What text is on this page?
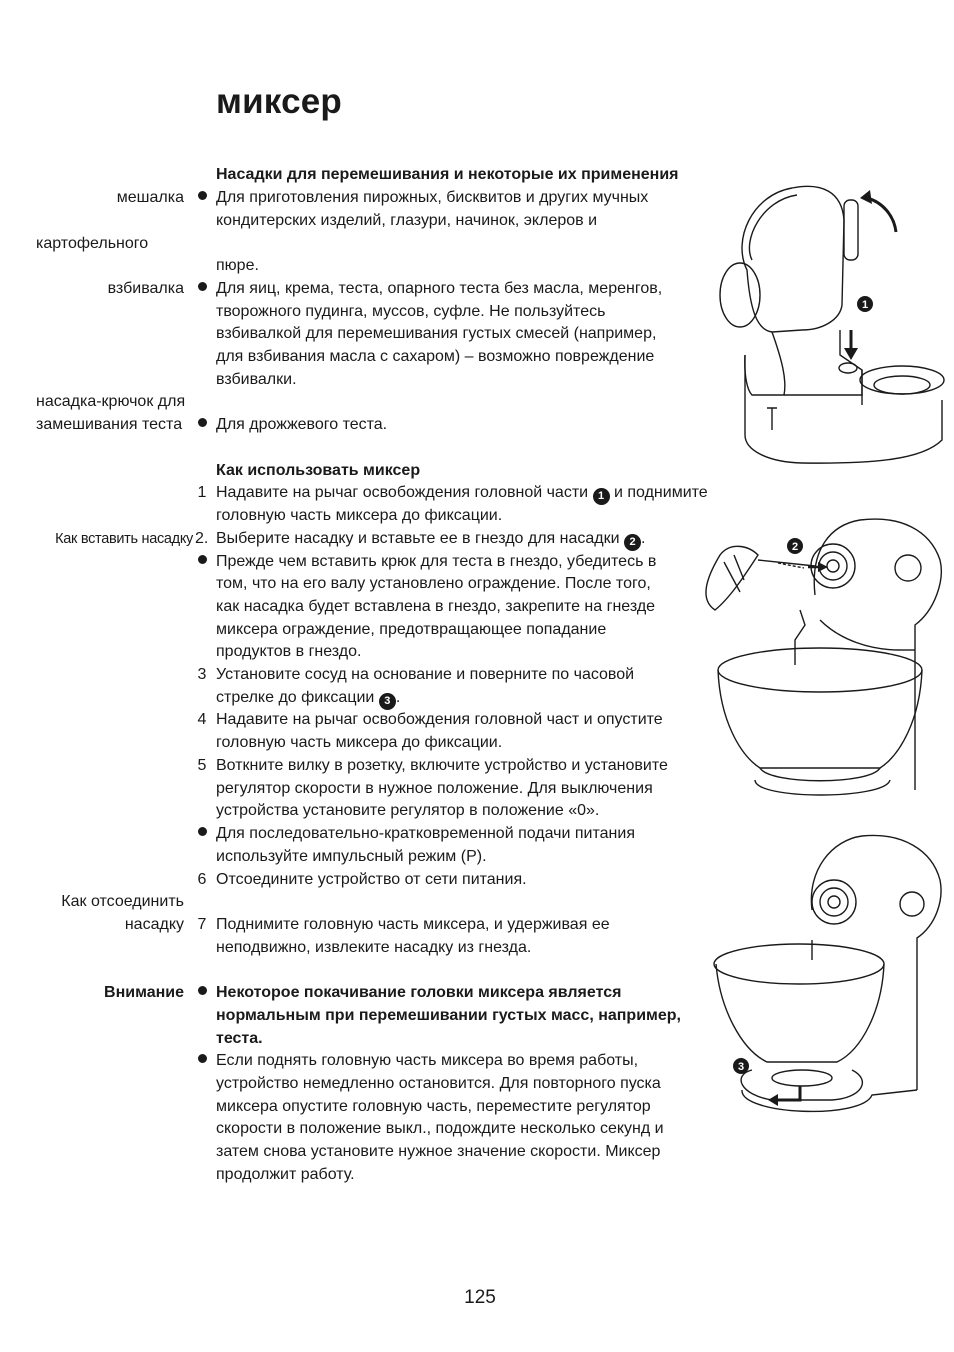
миксер
Насадки для перемешивания и некоторые их применения
мешалка Для приготовления пирожных, бисквитов и других мучных
кондитерских изделий, глазури, начинок, эклеров и
картофельного
пюре.
взбивалка Для яиц, крема, теста, опарного теста без масла, меренгов,
творожного пудинга, муссов, суфле. Не пользуйтесь
взбивалкой для перемешивания густых смесей (например,
для взбивания масла с сахаром) – возможно повреждение
взбивалки.
насадка-крючок для
замешивания теста Для дрожжевого теста.
Как использовать миксер
1 Надавите на рычаг освобождения головной части 1 и поднимите
головную часть миксера до фиксации.
Как вставить насадку 2. Выберите насадку и вставьте ее в гнездо для насадки 2 .
Прежде чем вставить крюк для теста в гнездо, убедитесь в
том, что на его валу установлено ограждение. После того,
как насадка будет вставлена в гнездо, закрепите на гнезде
миксера ограждение, предотвращающее попадание
продуктов в гнездо.
3 Установите сосуд на основание и поверните по часовой
стрелке до фиксации 3 .
4 Надавите на рычаг освобождения головной част и опустите
головную часть миксера до фиксации.
5 Воткните вилку в розетку, включите устройство и установите
регулятор скорости в нужное положение. Для выключения
устройства установите регулятор в положение «0».
Для последовательно-кратковременной подачи питания
используйте импульсный режим (P).
6 Отсоедините устройство от сети питания.
Как отсоединить
насадку 7 Поднимите головную часть миксера, и удерживая ее
неподвижно, извлеките насадку из гнезда.
Внимание Некоторое покачивание головки миксера является
нормальным при перемешивании густых масс, например,
теста.
Если поднять головную часть миксера во время работы,
устройство немедленно остановится. Для повторного пуска
миксера опустите головную часть, переместите регулятор
скорости в положение выкл., подождите несколько секунд и
затем снова установите нужное значение скорости. Миксер
продолжит работу.
1
2
3
125
